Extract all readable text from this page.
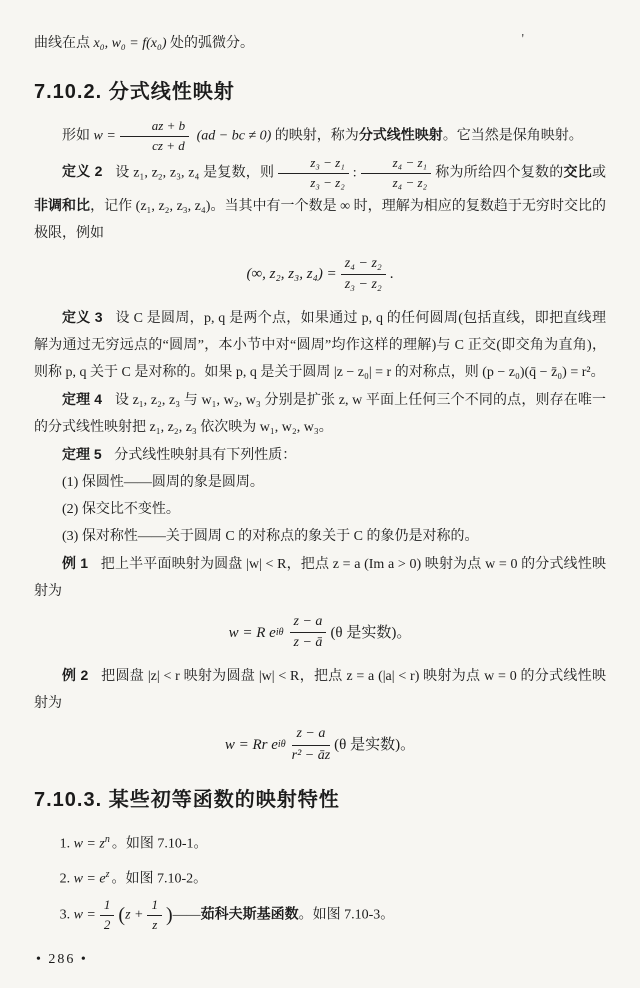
'

曲线在点 x₀, w₀ = f(x₀) 处的弧微分。

7.10.2. 分式线性映射

形如 $w = \frac{az + b}{cz + d} (ad$ − bc ≠ 0) 的映射，称为分式线性映射。它当然是保角映射。

定义 2 设 z₁, z₂, z₃, z₄ 是复数，则 $\frac{\text{z₃ − z₁}}{\text{z₃ − z₂}}$ : $\frac{\text{z₄ − z₁}}{\text{z₄ − z₂}}$ 称为所给四个复数的交比或非调和比，记作 (z₁, z₂, z₃, z₄)。当其中有一个数是 ∞ 时，理解为相应的复数趋于无穷时交比的极限，例如

(∞, z₂, z₃, $z_4) = \frac{\text{z₄ − z₂}}{\text{z₃ − z₂}}$ .

定义 3 设 C 是圆周，p, q 是两个点，如果通过 p, q 的任何圆周(包括直线，即把直线理解为通过无穷远点的“圆周”，本小节中对“圆周”均作这样的理解)与 C 正交(即交角为直角)，则称 p, q 关于 C 是对称的。如果 p, q 是关于圆周 |z − z₀| = r 的对称点，则 (p − z₀)(q̄ − z̄₀) = r²。

定理 4 设 z₁, z₂, z₃ 与 w₁, w₂, w₃ 分别是扩张 z, w 平面上任何三个不同的点，则存在唯一的分式线性映射把 z₁, z₂, z₃ 依次映为 w₁, w₂, w₃。

定理 5 分式线性映射具有下列性质：

(1) 保圆性——圆周的象是圆周。

(2) 保交比不变性。

(3) 保对称性——关于圆周 C 的对称点的象关于 C 的象仍是对称的。

例 1 把上半平面映射为圆盘 |w| < R，把点 z = a (Im a > 0) 映射为点 w = 0 的分式线性映射为

w = R e iθ $\frac{z - a}{z - ā} (\theta$ 是实数)。

例 2 把圆盘 |z| < r 映射为圆盘 |w| < R，把点 z = a (|a| < r) 映射为点 w = 0 的分式线性映射为

w = Rr e iθ $\frac{z - a}{\text{r² − āz}} (\theta$ 是实数)。
7.10.3. 某些初等函数的映射特性

1. $w = z^n$ 。如图 7.10-1。

2. $w = e^z$ 。如图 7.10-2。

3. $w = \frac{1}{2} (z + \frac{1}{z}$ )——茹科夫斯基函数。如图 7.10-3。

• 286 •
